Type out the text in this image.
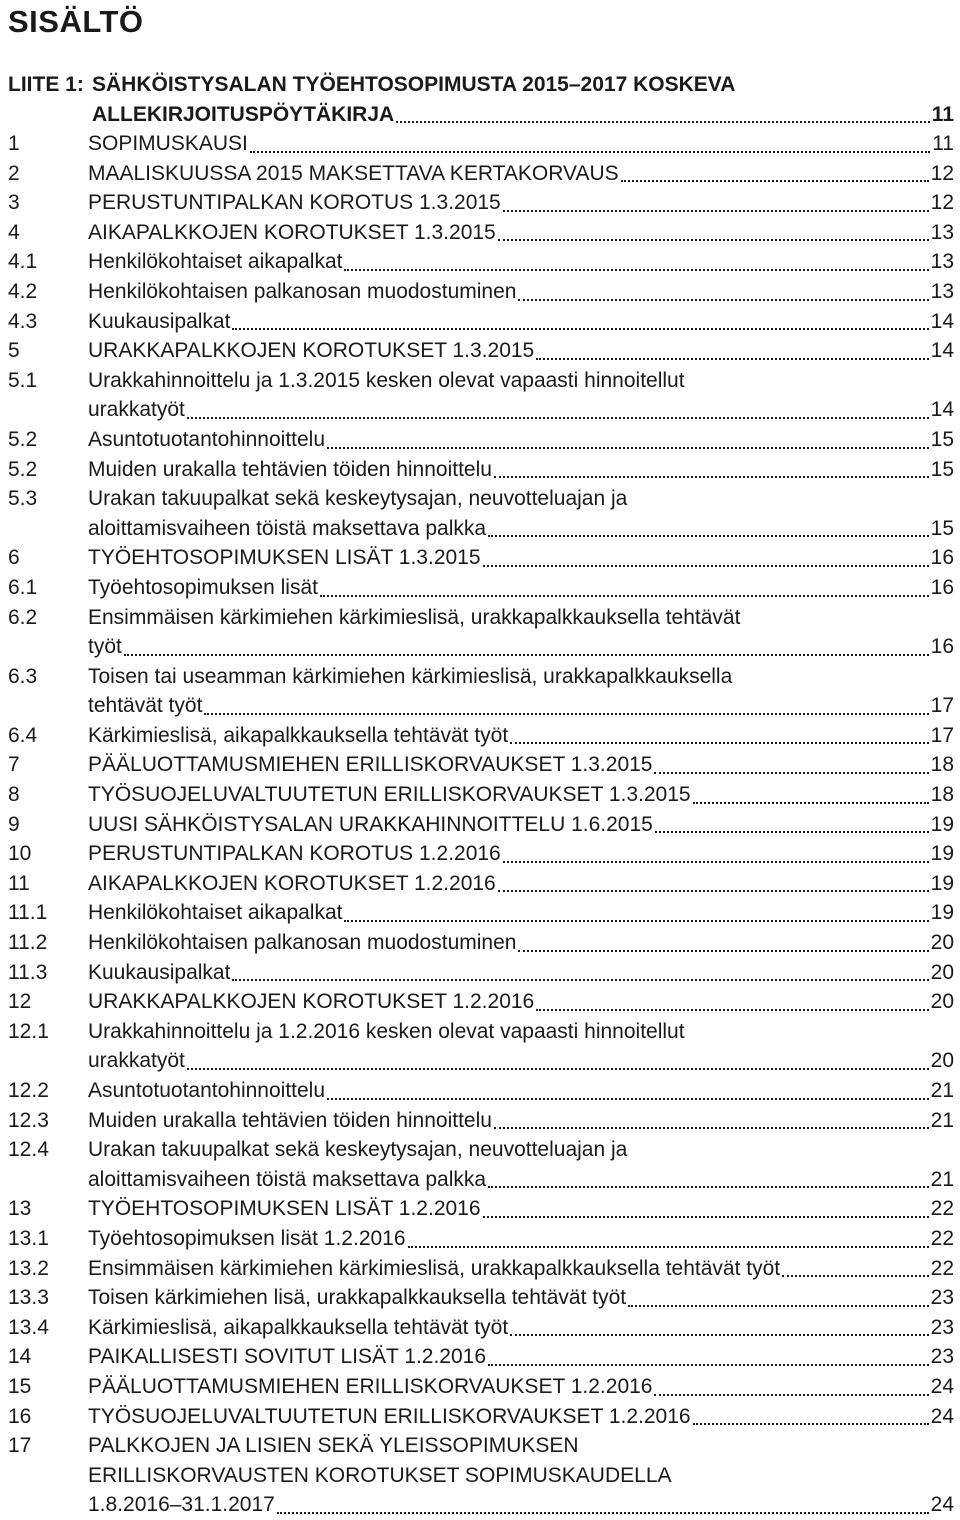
SISÄLTÖ
LIITE 1: SÄHKÖISTYSALAN TYÖEHTOSOPIMUSTA 2015–2017 KOSKEVA
ALLEKIRJOITUSPÖYTÄKIRJA	11
1	SOPIMUSKAUSI	11
2	MAALISKUUSSA 2015 MAKSETTAVA KERTAKORVAUS	12
3	PERUSTUNTIPALKAN KOROTUS 1.3.2015	12
4	AIKAPALKKOJEN KOROTUKSET 1.3.2015	13
4.1	Henkilökohtaiset aikapalkat	13
4.2	Henkilökohtaisen palkanosan muodostuminen	13
4.3	Kuukausipalkat	14
5	URAKKAPALKKOJEN KOROTUKSET 1.3.2015	14
5.1	Urakkahinnoittelu ja 1.3.2015 kesken olevat vapaasti hinnoitellut
urakkatyöt	14
5.2	Asuntotuotantohinnoittelu	15
5.2	Muiden urakalla tehtävien töiden hinnoittelu	15
5.3	Urakan takuupalkat sekä keskeytysajan, neuvotteluajan ja
aloittamisvaiheen töistä maksettava palkka	15
6	TYÖEHTOSOPIMUKSEN LISÄT 1.3.2015	16
6.1	Työehtosopimuksen lisät	16
6.2	Ensimmäisen kärkimiehen kärkimieslisä, urakkapalkkauksella tehtävät
työt	16
6.3	Toisen tai useamman kärkimiehen kärkimieslisä, urakkapalkkauksella
tehtävät työt	17
6.4	Kärkimieslisä, aikapalkkauksella tehtävät työt	17
7	PÄÄLUOTTAMUSMIEHEN ERILLISKORVAUKSET 1.3.2015	18
8	TYÖSUOJELUVALTUUTETUN ERILLISKORVAUKSET 1.3.2015	18
9	UUSI SÄHKÖISTYSALAN URAKKAHINNOITTELU 1.6.2015	19
10	PERUSTUNTIPALKAN KOROTUS 1.2.2016	19
11	AIKAPALKKOJEN KOROTUKSET 1.2.2016	19
11.1	Henkilökohtaiset aikapalkat	19
11.2	Henkilökohtaisen palkanosan muodostuminen	20
11.3	Kuukausipalkat	20
12	URAKKAPALKKOJEN KOROTUKSET 1.2.2016	20
12.1	Urakkahinnoittelu ja 1.2.2016 kesken olevat vapaasti hinnoitellut
urakkatyöt	20
12.2	Asuntotuotantohinnoittelu	21
12.3	Muiden urakalla tehtävien töiden hinnoittelu	21
12.4	Urakan takuupalkat sekä keskeytysajan, neuvotteluajan ja
aloittamisvaiheen töistä maksettava palkka	21
13	TYÖEHTOSOPIMUKSEN LISÄT 1.2.2016	22
13.1	Työehtosopimuksen lisät 1.2.2016	22
13.2	Ensimmäisen kärkimiehen kärkimieslisä, urakkapalkkauksella tehtävät työt	22
13.3	Toisen kärkimiehen lisä, urakkapalkkauksella tehtävät työt	23
13.4	Kärkimieslisä, aikapalkkauksella tehtävät työt	23
14	PAIKALLISESTI SOVITUT LISÄT 1.2.2016	23
15	PÄÄLUOTTAMUSMIEHEN ERILLISKORVAUKSET 1.2.2016	24
16	TYÖSUOJELUVALTUUTETUN ERILLISKORVAUKSET 1.2.2016	24
17	PALKKOJEN JA LISIEN SEKÄ YLEISSOPIMUKSEN
ERILLISKORVAUSTEN KOROTUKSET SOPIMUSKAUDELLA
1.8.2016–31.1.2017	24
